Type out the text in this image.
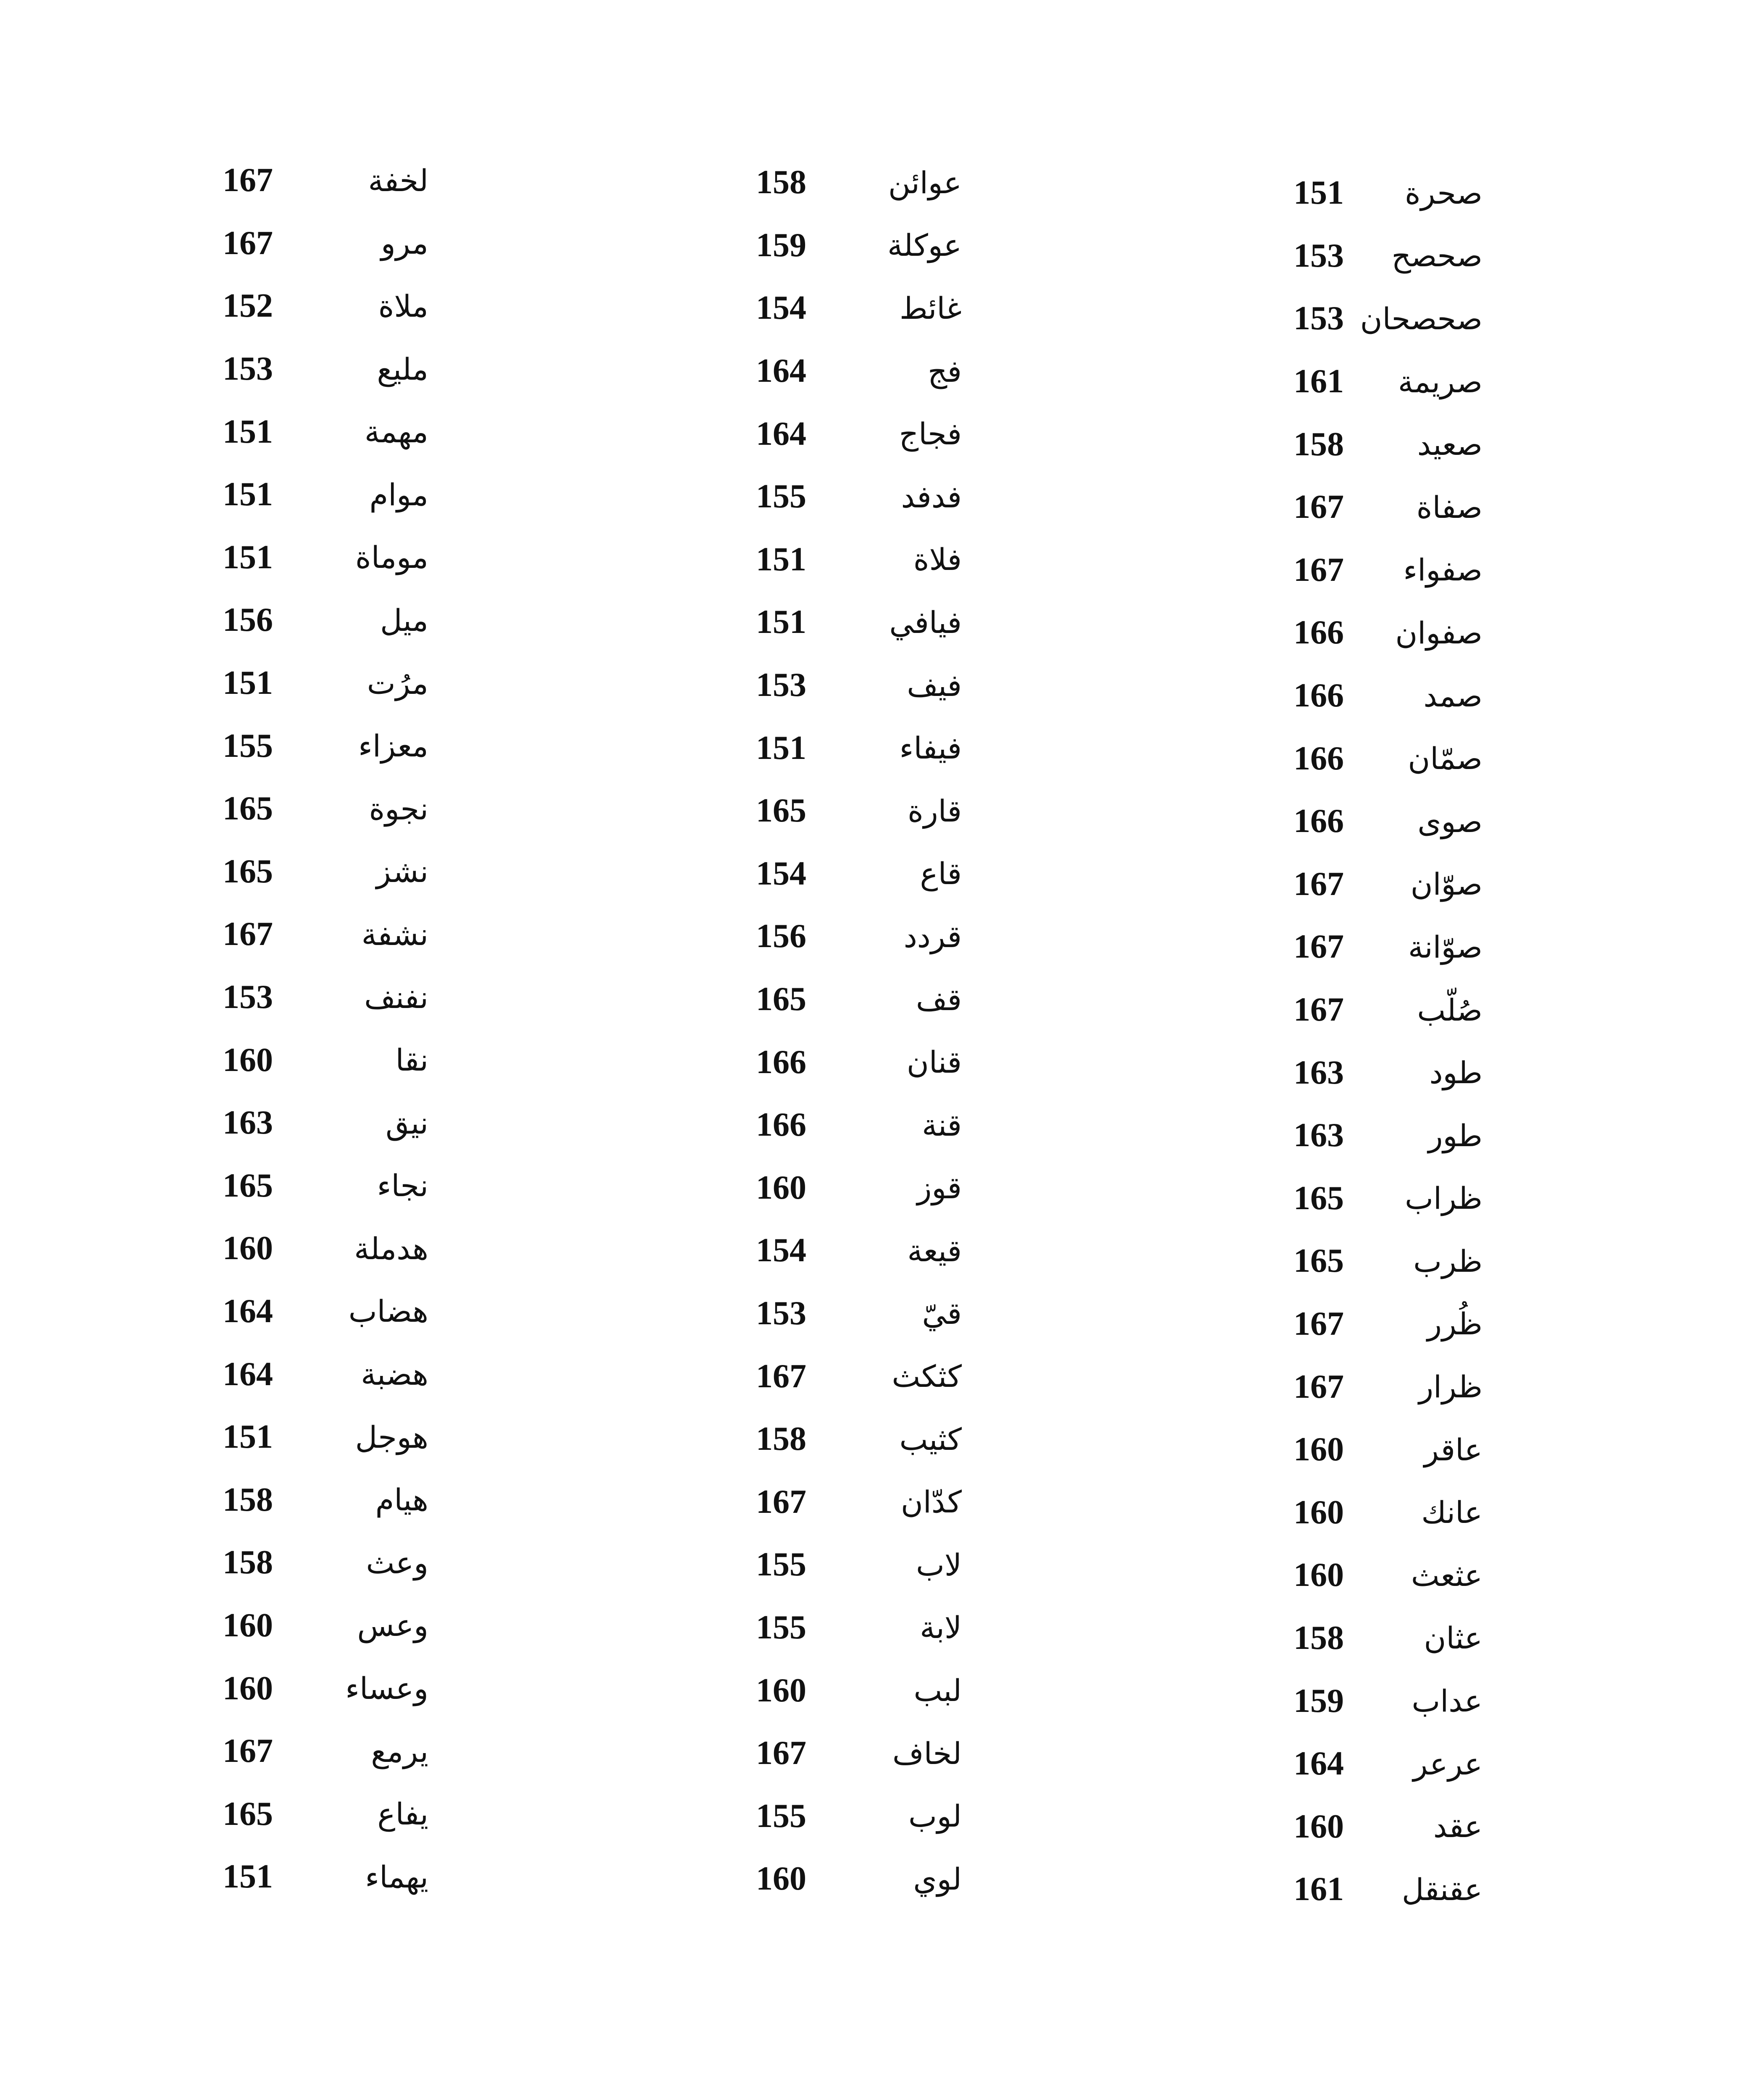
151	صحرة
153	صحصح
153 صحصحان
161	صريمة
158	صعيد
167	صفاة
167	صفواء
166	صفوان
166	صمد
166	صمّان
166	صوى
167	صوّان
167	صوّانة
167	صُلّب
163	طود
163	طور
165	ظراب
165	ظرب
167	ظُرر
167	ظرار
160	عاقر
160	عانك
160	عثعث
158	عثان
159	عداب
164	عرعر
160	عقد
161	عقنقل
158	عوائن
159	عوكلة
154	غائط
164	فج
164	فجاج
155	فدفد
151	فلاة
151	فيافي
153	فيف
151	فيفاء
165	قارة
154	قاع
156	قردد
165	قف
166	قنان
166	قنة
160	قوز
154	قيعة
153	قيّ
167	كثكث
158	كثيب
167	كدّان
155	لاب
155	لابة
160	لبب
167	لخاف
155	لوب
160	لوي
167	لخفة
167	مرو
152	ملاة
153	مليع
151	مهمة
151	موام
151	موماة
156	ميل
151	مرُت
155	معزاء
165	نجوة
165	نشز
167	نشفة
153	نفنف
160	نقا
163	نيق
165	نجاء
160	هدملة
164	هضاب
164	هضبة
151	هوجل
158	هيام
158	وعث
160	وعس
160	وعساء
167	يرمع
165	يفاع
151	يهماء
